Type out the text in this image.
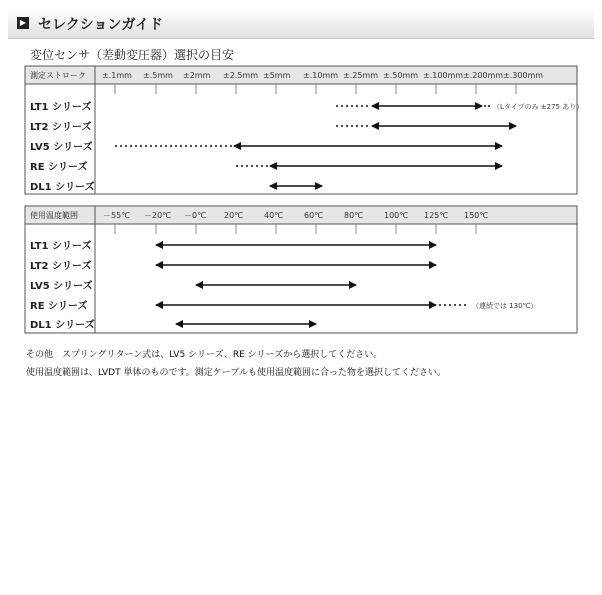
▶ セレクションガイド
変位センサ（差動変圧器）選択の目安
測定ストローク ±.1mm ±.5mm ±2mm ±2.5mm ±5mm ±.10mm ±.25mm ±.50mm ±.100mm ±.200mm ±.300mm
LT1 シリーズ	（Lタイプのみ ±275 あり）
LT2 シリーズ
LV5 シリーズ
RE シリーズ
DL1 シリーズ
使用温度範囲	－55℃ －20℃ －0℃ 20℃	40℃	60℃	80℃	100℃ 125℃ 150℃
LT1 シリーズ
LT2 シリーズ
LV5 シリーズ
RE シリーズ	（連続では 130℃）
DL1 シリーズ
その他　スプリングリターン式は、LV5 シリーズ、RE シリーズから選択してください。
使用温度範囲は、LVDT 単体のものです。測定ケーブルも使用温度範囲に合った物を選択してください。
